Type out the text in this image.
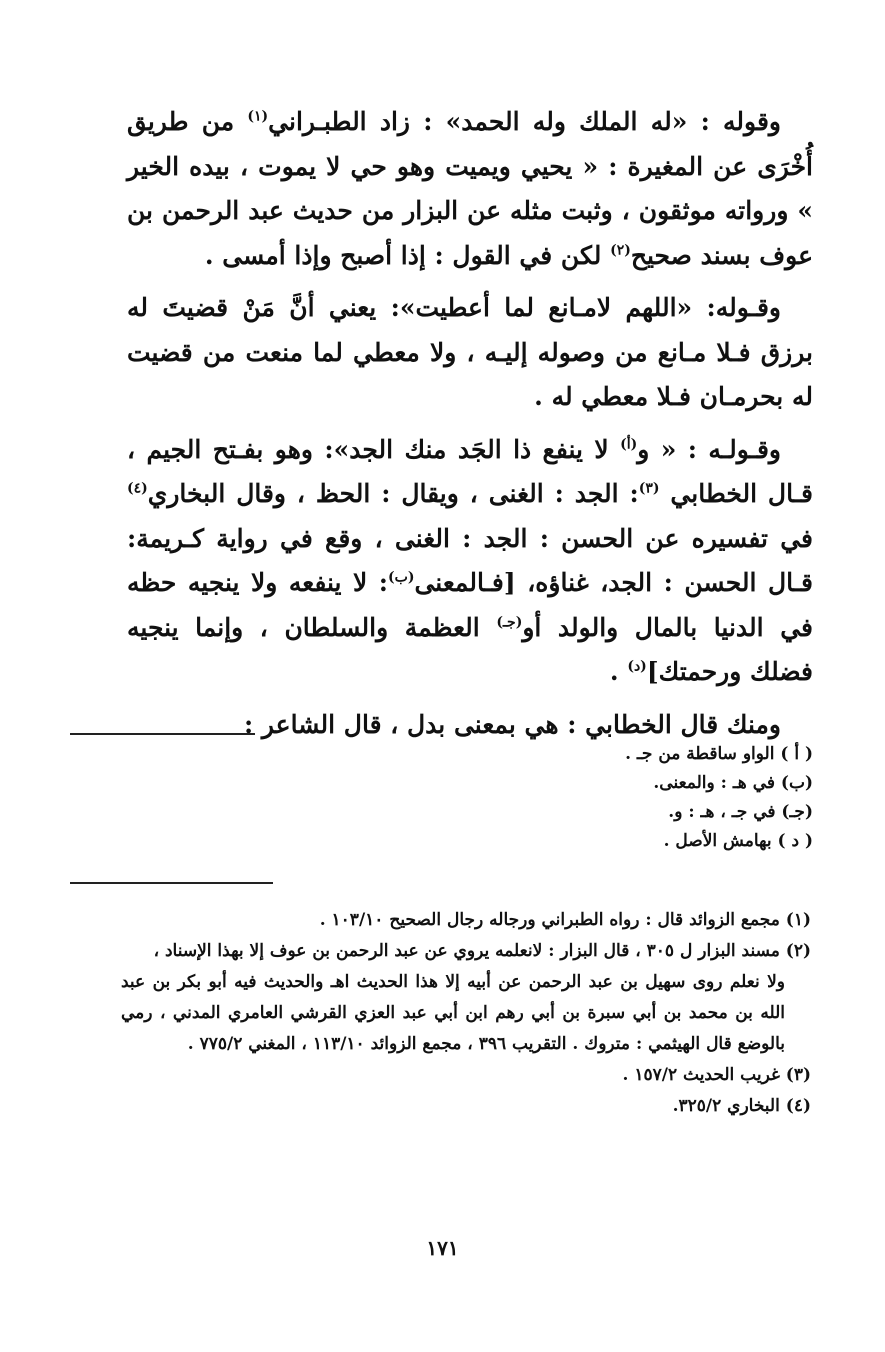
وقوله : «له الملك وله الحمد» : زاد الطبـراني$^{(١)}$ من طريق أُخْرَى عن المغيرة : « يحيي ويميت وهو حي لا يموت ، بيده الخير » ورواته موثقون ، وثبت مثله عن البزار من حديث عبد الرحمن بن عوف بسند صحيح$^{(٢)}$ لكن في القول : إذا أصبح وإذا أمسى .

وقـوله: «اللهم لامـانع لما أعطيت»: يعني أنَّ مَنْ قضيتَ له برزق فـلا مـانع من وصوله إليـه ، ولا معطي لما منعت من قضيت له بحرمـان فـلا معطي له .

وقـولـه : « و$^{(أ)}$ لا ينفع ذا الجَد منك الجد»: وهو بفـتح الجيم ، قـال الخطابي $^{(٣)}$: الجد : الغنى ، ويقال : الحظ ، وقال البخاري$^{(٤)}$ في تفسيره عن الحسن : الجد : الغنى ، وقع في رواية كـريمة: قـال الحسن : الجد، غناؤه، [فـالمعنى$^{(ب)}$: لا ينفعه ولا ينجيه حظه في الدنيا بالمال والولد أو$^{(جـ)}$ العظمة والسلطان ، وإنما ينجيه فضلك ورحمتك]$^{(د)}$ .

ومنك قال الخطابي : هي بمعنى بدل ، قال الشاعر :

( أ ) الواو ساقطة من جـ .
(ب) في هـ : والمعنى.
(جـ) في جـ ، هـ : و.
( د ) بهامش الأصل .

(١) مجمع الزوائد قال : رواه الطبراني ورجاله رجال الصحيح ١٠٣/١٠ .

(٢) مسند البزار ل ٣٠٥ ، قال البزار : لانعلمه يروي عن عبد الرحمن بن عوف إلا بهذا الإسناد ،

ولا نعلم روى سهيل بن عبد الرحمن عن أبيه إلا هذا الحديث اهـ والحديث فيه أبو بكر بن عبد الله بن محمد بن أبي سبرة بن أبي رهم ابن أبي عبد العزي القرشي العامري المدني ، رمي بالوضع قال الهيثمي : متروك . التقريب ٣٩٦ ، مجمع الزوائد ١١٣/١٠ ، المغني ٧٧٥/٢ .

(٣) غريب الحديث ١٥٧/٢ .

(٤) البخاري ٣٢٥/٢.

١٧١
